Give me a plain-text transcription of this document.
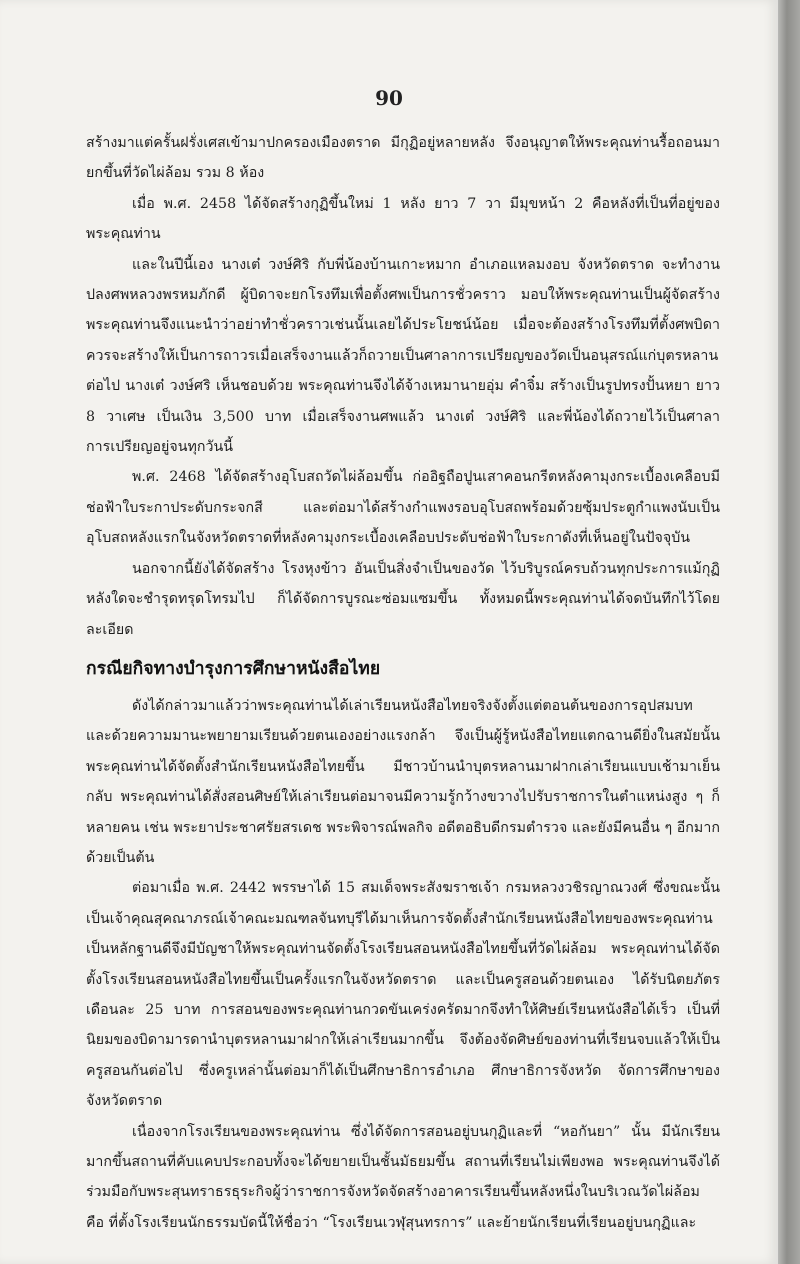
90

สร้างมาแต่ครั้นฝรั่งเศสเข้ามาปกครองเมืองตราด มีกุฏิอยู่หลายหลัง จึงอนุญาตให้พระคุณท่านรื้อถอนมายกขึ้นที่วัดไผ่ล้อม รวม 8 ห้อง

เมื่อ พ.ศ. 2458 ได้จัดสร้างกุฏิขึ้นใหม่ 1 หลัง ยาว 7 วา มีมุขหน้า 2 คือหลังที่เป็นที่อยู่ของพระคุณท่าน

และในปีนี้เอง นางเต๋ วงษ์ศิริ กับพี่น้องบ้านเกาะหมาก อำเภอแหลมงอบ จังหวัดตราด จะทำงานปลงศพหลวงพรหมภักดี ผู้บิดาจะยกโรงทึมเพื่อตั้งศพเป็นการชั่วคราว มอบให้พระคุณท่านเป็นผู้จัดสร้าง พระคุณท่านจึงแนะนำว่าอย่าทำชั่วคราวเช่นนั้นเลยได้ประโยชน์น้อย เมื่อจะต้องสร้างโรงทึมที่ตั้งศพบิดาควรจะสร้างให้เป็นการถาวรเมื่อเสร็จงานแล้วก็ถวายเป็นศาลาการเปรียญของวัดเป็นอนุสรณ์แก่บุตรหลานต่อไป นางเต๋ วงษ์ศริ เห็นชอบด้วย พระคุณท่านจึงได้จ้างเหมานายอุ่ม คำจิ๋ม สร้างเป็นรูปทรงปั้นหยา ยาว 8 วาเศษ เป็นเงิน 3,500 บาท เมื่อเสร็จงานศพแล้ว นางเต๋ วงษ์ศิริ และพี่น้องได้ถวายไว้เป็นศาลาการเปรียญอยู่จนทุกวันนี้

พ.ศ. 2468 ได้จัดสร้างอุโบสถวัดไผ่ล้อมขึ้น ก่ออิฐถือปูนเสาคอนกรีตหลังคามุงกระเบื้องเคลือบมีช่อฟ้าใบระกาประดับกระจกสี และต่อมาได้สร้างกำแพงรอบอุโบสถพร้อมด้วยซุ้มประตูกำแพงนับเป็นอุโบสถหลังแรกในจังหวัดตราดที่หลังคามุงกระเบื้องเคลือบประดับช่อฟ้าใบระกาดังที่เห็นอยู่ในปัจจุบัน

นอกจากนี้ยังได้จัดสร้าง โรงหุงข้าว อันเป็นสิ่งจำเป็นของวัด ไว้บริบูรณ์ครบถ้วนทุกประการแม้กุฏิหลังใดจะชำรุดทรุดโทรมไป ก็ได้จัดการบูรณะซ่อมแซมขึ้น ทั้งหมดนี้พระคุณท่านได้จดบันทึกไว้โดยละเอียด

กรณียกิจทางบำรุงการศึกษาหนังสือไทย

ดังได้กล่าวมาแล้วว่าพระคุณท่านได้เล่าเรียนหนังสือไทยจริงจังตั้งแต่ตอนต้นของการอุปสมบท และด้วยความมานะพยายามเรียนด้วยตนเองอย่างแรงกล้า จึงเป็นผู้รู้หนังสือไทยแตกฉานดียิ่งในสมัยนั้น พระคุณท่านได้จัดตั้งสำนักเรียนหนังสือไทยขึ้น มีชาวบ้านนำบุตรหลานมาฝากเล่าเรียนแบบเช้ามาเย็นกลับ พระคุณท่านได้สั่งสอนศิษย์ให้เล่าเรียนต่อมาจนมีความรู้กว้างขวางไปรับราชการในตำแหน่งสูง ๆ ก็หลายคน เช่น พระยาประชาศรัยสรเดช พระพิจารณ์พลกิจ อดีตอธิบดีกรมตำรวจ และยังมีคนอื่น ๆ อีกมากด้วยเป็นต้น

ต่อมาเมื่อ พ.ศ. 2442 พรรษาได้ 15 สมเด็จพระสังฆราชเจ้า กรมหลวงวชิรญาณวงศ์ ซึ่งขณะนั้นเป็นเจ้าคุณสุคณาภรณ์เจ้าคณะมณฑลจันทบุรีได้มาเห็นการจัดตั้งสำนักเรียนหนังสือไทยของพระคุณท่านเป็นหลักฐานดีจึงมีบัญชาให้พระคุณท่านจัดตั้งโรงเรียนสอนหนังสือไทยขึ้นที่วัดไผ่ล้อม พระคุณท่านได้จัดตั้งโรงเรียนสอนหนังสือไทยขึ้นเป็นครั้งแรกในจังหวัดตราด และเป็นครูสอนด้วยตนเอง ได้รับนิตยภัตรเดือนละ 25 บาท การสอนของพระคุณท่านกวดขันเคร่งครัดมากจึงทำให้ศิษย์เรียนหนังสือได้เร็ว เป็นที่นิยมของบิดามารดานำบุตรหลานมาฝากให้เล่าเรียนมากขึ้น จึงต้องจัดศิษย์ของท่านที่เรียนจบแล้วให้เป็นครูสอนกันต่อไป ซึ่งครูเหล่านั้นต่อมาก็ได้เป็นศึกษาธิการอำเภอ ศึกษาธิการจังหวัด จัดการศึกษาของจังหวัดตราด

เนื่องจากโรงเรียนของพระคุณท่าน ซึ่งได้จัดการสอนอยู่บนกุฏิและที่ “หอกันยา” นั้น มีนักเรียนมากขึ้นสถานที่คับแคบประกอบทั้งจะได้ขยายเป็นชั้นมัธยมขึ้น สถานที่เรียนไม่เพียงพอ พระคุณท่านจึงได้ร่วมมือกับพระสุนทราธรธุระกิจผู้ว่าราชการจังหวัดจัดสร้างอาคารเรียนขึ้นหลังหนึ่งในบริเวณวัดไผ่ล้อม คือ ที่ตั้งโรงเรียนนักธรรมบัดนี้ให้ชื่อว่า “โรงเรียนเวฬุสุนทรการ” และย้ายนักเรียนที่เรียนอยู่บนกุฏิและ
